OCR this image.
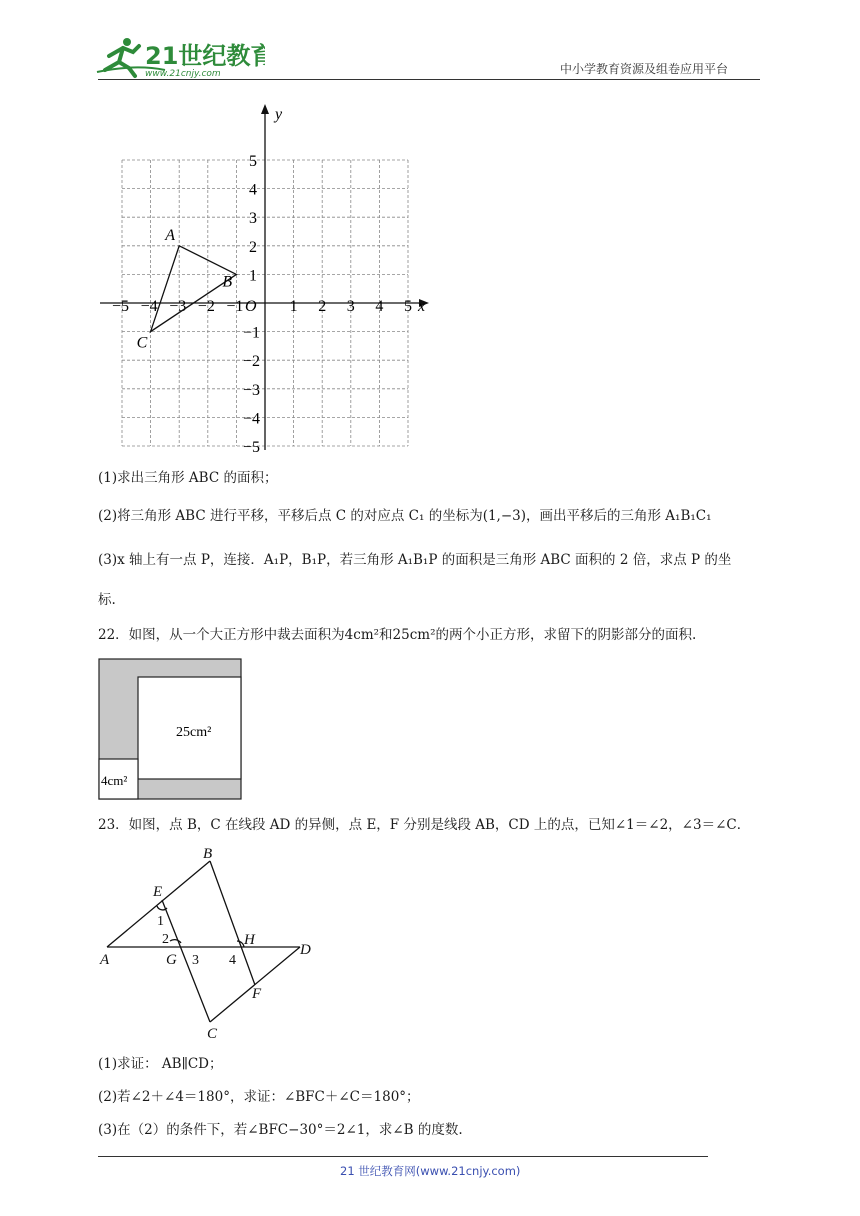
21世纪教育
www.21cnjy.com	中小学教育资源及组卷应用平台
x
y
O
−5 −4 −3 −2 −1	1 2 3 4 5
5
4
3
2
1
−1
−2
−3
−4
−5
A
B
C
(1)求出三角形 ABC 的面积；
(2)将三角形 ABC 进行平移，平移后点 C 的对应点 C₁ 的坐标为(1,−3)，画出平移后的三角形 A₁B₁C₁
(3)x 轴上有一点 P，连接．A₁P，B₁P，若三角形 A₁B₁P 的面积是三角形 ABC 面积的 2 倍，求点 P 的坐
标.
22．如图，从一个大正方形中裁去面积为4cm²和25cm²的两个小正方形，求留下的阴影部分的面积.
25cm²
4cm²
23．如图，点 B，C 在线段 AD 的异侧，点 E，F 分别是线段 AB，CD 上的点，已知∠1＝∠2，∠3＝∠C．
B
E
A	G
H
D
F
C
1
2
3 4
(1)求证： AB∥CD；
(2)若∠2＋∠4＝180°，求证：∠BFC＋∠C＝180°；
(3)在（2）的条件下，若∠BFC−30°＝2∠1，求∠B 的度数.
21 世纪教育网(www.21cnjy.com)
